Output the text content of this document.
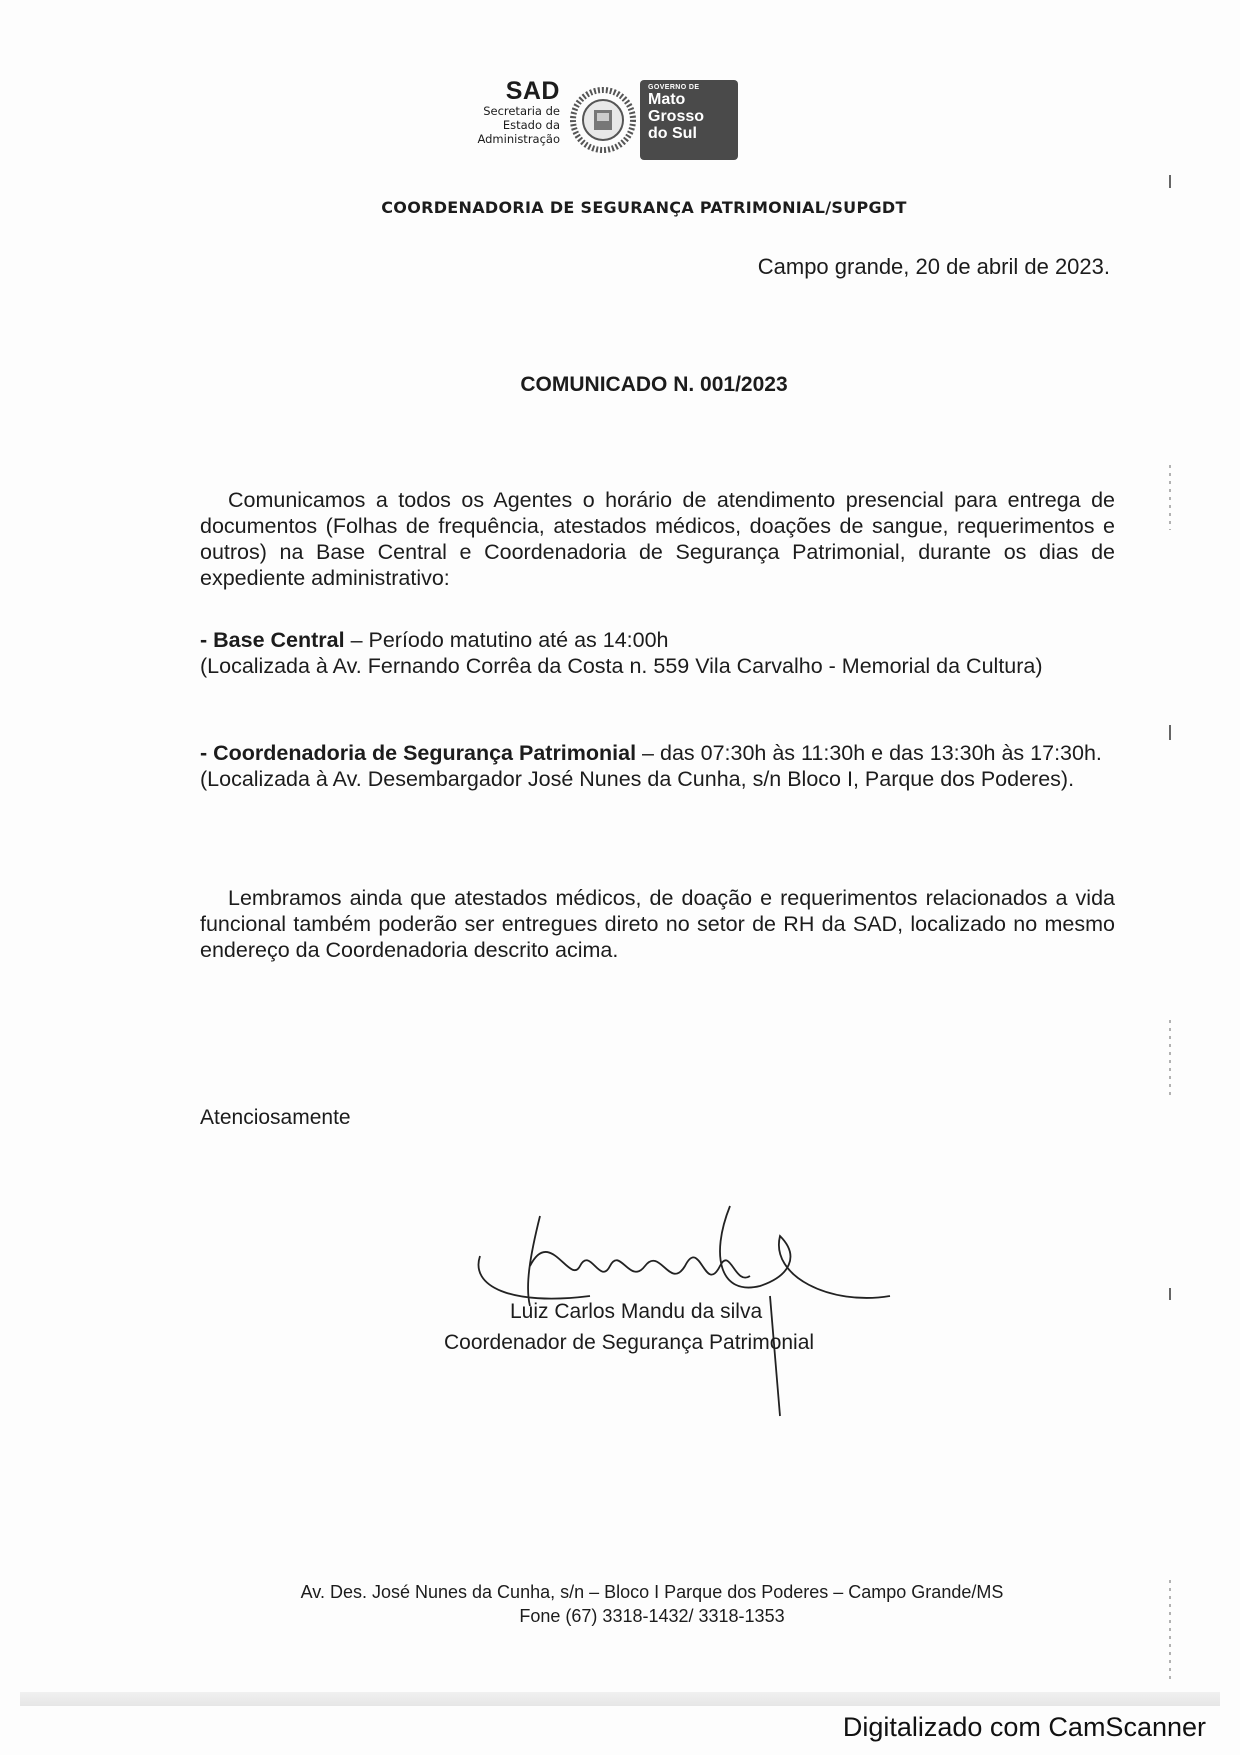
SAD
Secretaria de
Estado da
Administração
GOVERNO DE
Mato
Grosso
do Sul
COORDENADORIA DE SEGURANÇA PATRIMONIAL/SUPGDT
Campo grande, 20 de abril de 2023.
COMUNICADO N. 001/2023
Comunicamos a todos os Agentes o horário de atendimento presencial para entrega de documentos (Folhas de frequência, atestados médicos, doações de sangue, requerimentos e outros) na Base Central e Coordenadoria de Segurança Patrimonial, durante os dias de expediente administrativo:

- Base Central – Período matutino até as 14:00h

(Localizada à Av. Fernando Corrêa da Costa n. 559 Vila Carvalho - Memorial da Cultura)

- Coordenadoria de Segurança Patrimonial – das 07:30h às 11:30h e das 13:30h às 17:30h.

(Localizada à Av. Desembargador José Nunes da Cunha, s/n Bloco I, Parque dos Poderes).

Lembramos ainda que atestados médicos, de doação e requerimentos relacionados a vida funcional também poderão ser entregues direto no setor de RH da SAD, localizado no mesmo endereço da Coordenadoria descrito acima.
Atenciosamente
Luiz Carlos Mandu da silva
Coordenador de Segurança Patrimonial
Av. Des. José Nunes da Cunha, s/n – Bloco I Parque dos Poderes – Campo Grande/MS
Fone (67) 3318-1432/ 3318-1353
Digitalizado com CamScanner
